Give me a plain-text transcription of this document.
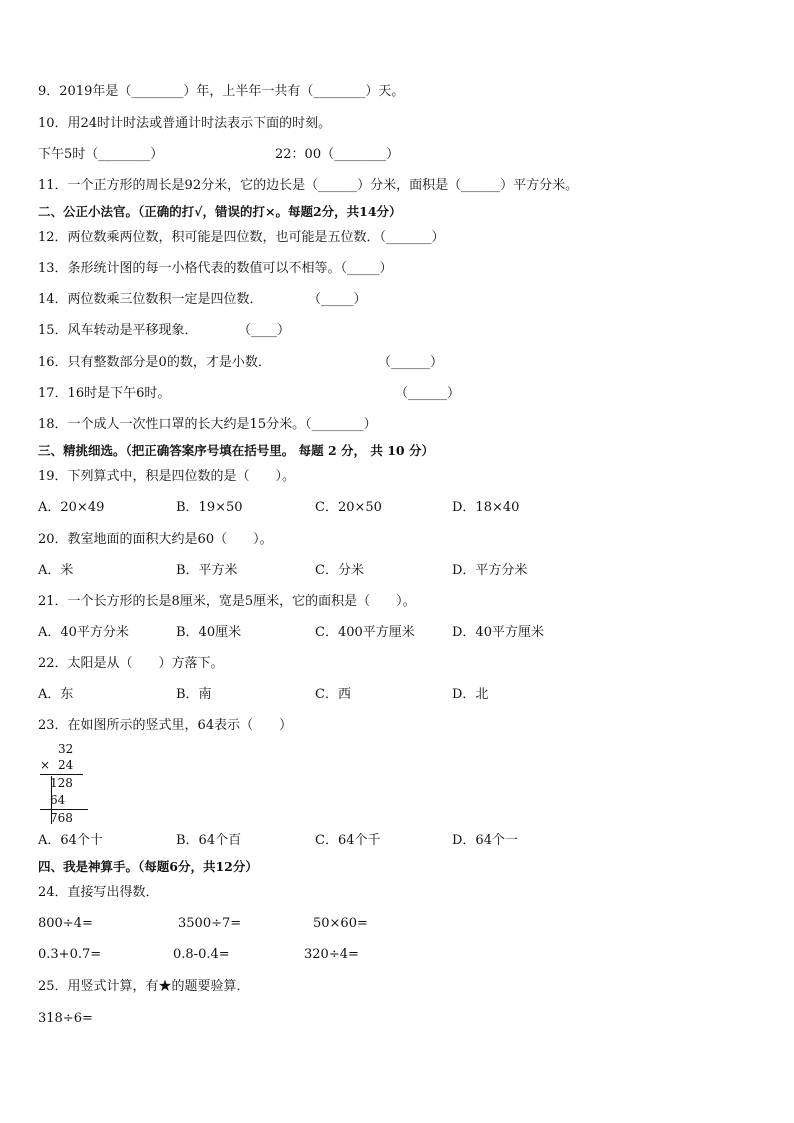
9．2019年是（________）年，上半年一共有（________）天。
10．用24时计时法或普通计时法表示下面的时刻。
下午5时（________）	22：00（________）
11．一个正方形的周长是92分米，它的边长是（______）分米，面积是（______）平方分米。
二、公正小法官。（正确的打√，错误的打×。每题2分，共14分）
12．两位数乘两位数，积可能是四位数，也可能是五位数．（_______）
13．条形统计图的每一小格代表的数值可以不相等。（_____）
14．两位数乘三位数积一定是四位数．	（_____）
15．风车转动是平移现象．	（____）
16．只有整数部分是0的数，才是小数．	（______）
17．16时是下午6时。	（______）
18．一个成人一次性口罩的长大约是15分米。（________）
三、精挑细选。（把正确答案序号填在括号里。 每题 2 分， 共 10 分）
19．下列算式中，积是四位数的是（　　）。
A．20×49	B．19×50	C．20×50	D．18×40
20．教室地面的面积大约是60（　　）。
A．米	B．平方米	C．分米	D．平方分米
21．一个长方形的长是8厘米，宽是5厘米，它的面积是（　　）。
A．40平方分米	B．40厘米	C．400平方厘米	D．40平方厘米
22．太阳是从（　　）方落下。
A．东	B．南	C．西	D．北
23．在如图所示的竖式里，64表示（　　）
32
× 24
128
64
768
A．64个十	B．64个百	C．64个千	D．64个一
四、我是神算手。（每题6分，共12分）
24．直接写出得数．
800÷4=	3500÷7=	50×60=
0.3+0.7=	0.8-0.4=	320÷4=
25．用竖式计算，有★的题要验算．
318÷6=
